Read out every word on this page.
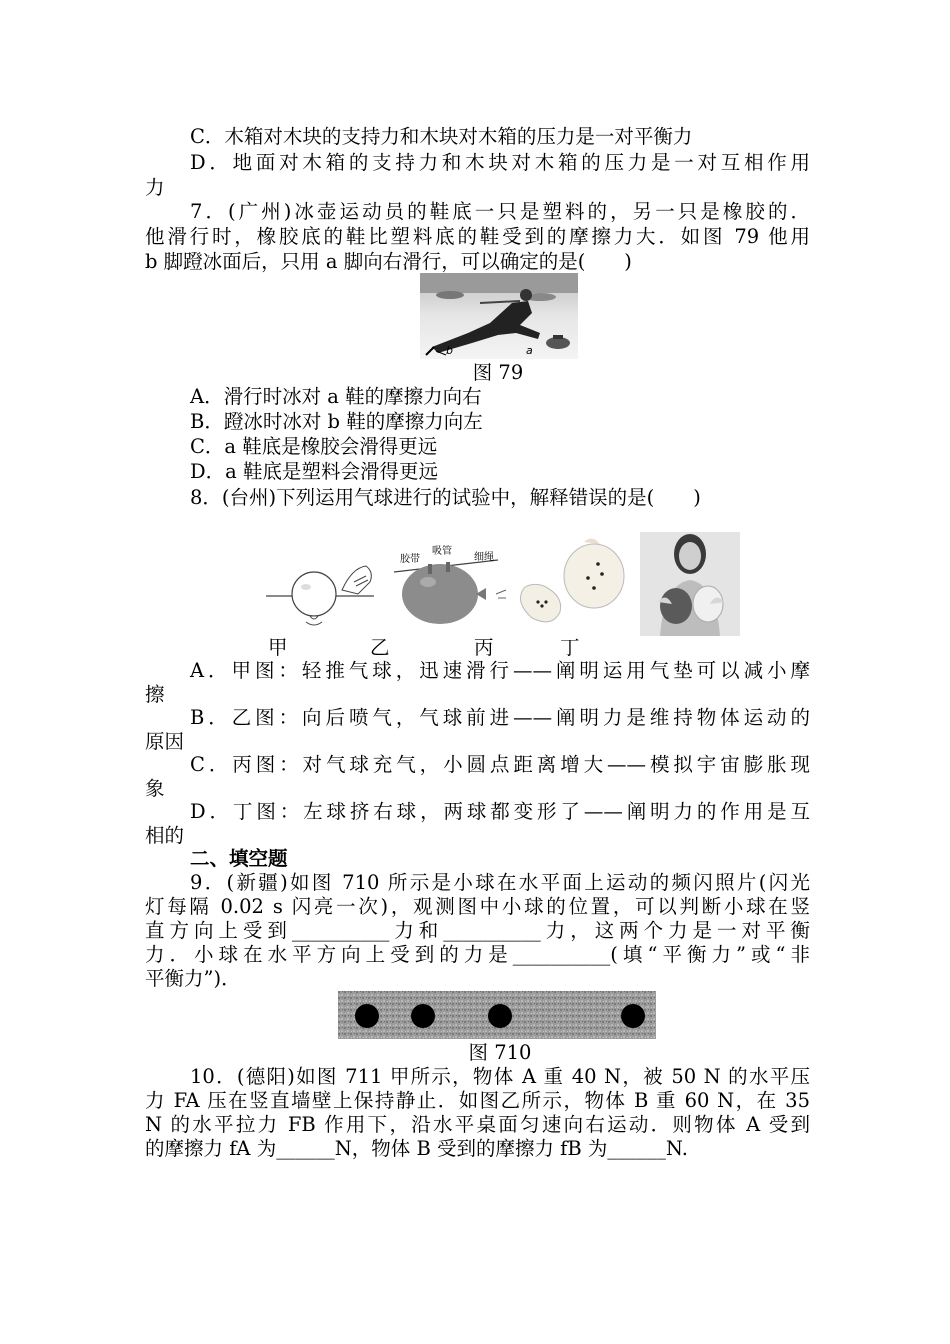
C．木箱对木块的支持力和木块对木箱的压力是一对平衡力
D．地面对木箱的支持力和木块对木箱的压力是一对互相作用
力
7．(广州)冰壶运动员的鞋底一只是塑料的，另一只是橡胶的．
他滑行时，橡胶底的鞋比塑料底的鞋受到的摩擦力大．如图 79 他用
b 脚蹬冰面后，只用 a 脚向右滑行，可以确定的是(　　)
b	a
图 79
A．滑行时冰对 a 鞋的摩擦力向右
B．蹬冰时冰对 b 鞋的摩擦力向左
C．a 鞋底是橡胶会滑得更远
D．a 鞋底是塑料会滑得更远
8．(台州)下列运用气球进行的试验中，解释错误的是(　　)
胶带
吸管
细绳
甲	乙	丙	丁
A．甲图：轻推气球，迅速滑行——阐明运用气垫可以减小摩
擦
B．乙图：向后喷气，气球前进——阐明力是维持物体运动的
原因
C．丙图：对气球充气，小圆点距离增大——模拟宇宙膨胀现
象
D．丁图：左球挤右球，两球都变形了——阐明力的作用是互
相的
二、填空题
9．(新疆)如图 710 所示是小球在水平面上运动的频闪照片(闪光
灯每隔 0.02 s 闪亮一次)，观测图中小球的位置，可以判断小球在竖
直方向上受到__________力和__________力，这两个力是一对平衡
力．小球在水平方向上受到的力是__________(填“平衡力”或“非
平衡力”)．
图 710
10．(德阳)如图 711 甲所示，物体 A 重 40 N，被 50 N 的水平压
力 FA 压在竖直墙壁上保持静止．如图乙所示，物体 B 重 60 N，在 35
N 的水平拉力 FB 作用下，沿水平桌面匀速向右运动．则物体 A 受到
的摩擦力 fA 为______N，物体 B 受到的摩擦力 fB 为______N.
